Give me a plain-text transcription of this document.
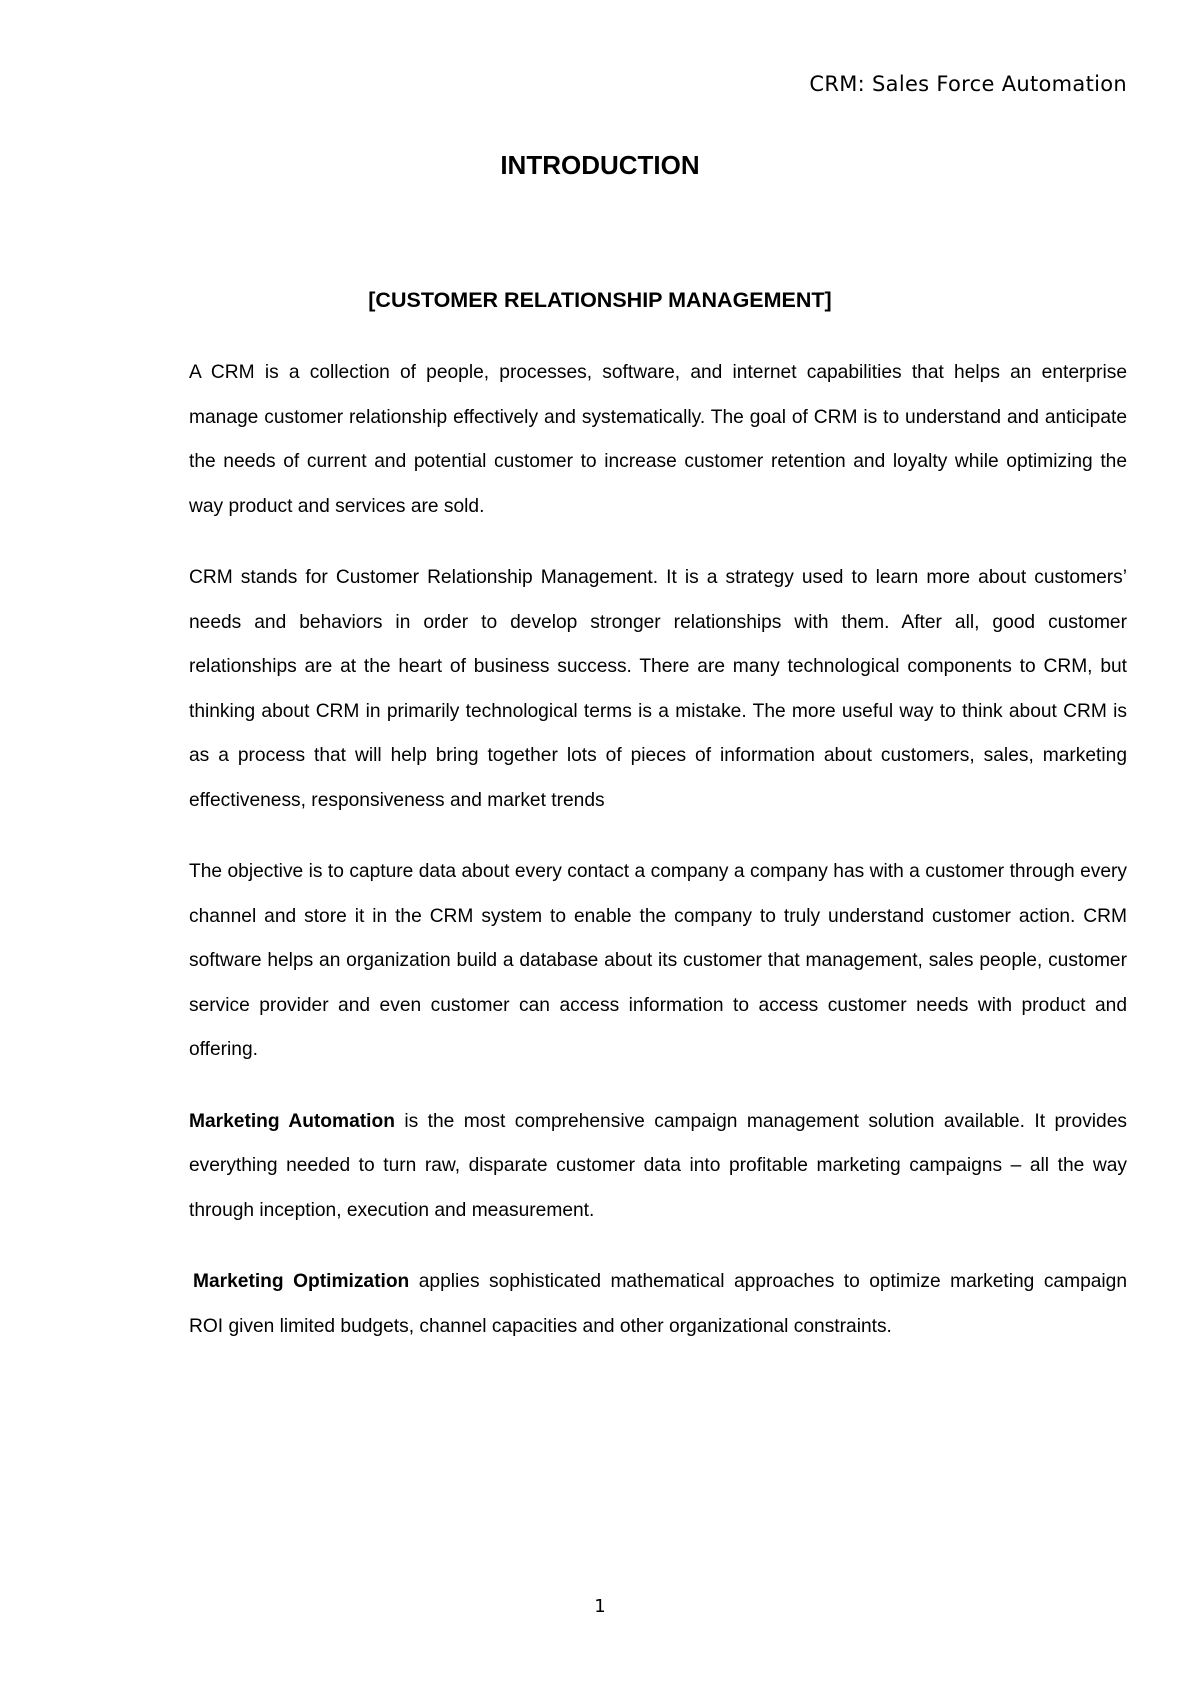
CRM: Sales Force Automation
INTRODUCTION
[CUSTOMER RELATIONSHIP MANAGEMENT]

A CRM is a collection of people, processes, software, and internet capabilities that helps an enterprise manage customer relationship effectively and systematically. The goal of CRM is to understand and anticipate the needs of current and potential customer to increase customer retention and loyalty while optimizing the way product and services are sold.

CRM stands for Customer Relationship Management. It is a strategy used to learn more about customers’ needs and behaviors in order to develop stronger relationships with them. After all, good customer relationships are at the heart of business success. There are many technological components to CRM, but thinking about CRM in primarily technological terms is a mistake. The more useful way to think about CRM is as a process that will help bring together lots of pieces of information about customers, sales, marketing effectiveness, responsiveness and market trends

The objective is to capture data about every contact a company a company has with a customer through every channel and store it in the CRM system to enable the company to truly understand customer action. CRM software helps an organization build a database about its customer that management, sales people, customer service provider and even customer can access information to access customer needs with product and offering.

Marketing Automation is the most comprehensive campaign management solution available. It provides everything needed to turn raw, disparate customer data into profitable marketing campaigns – all the way through inception, execution and measurement.

Marketing Optimization applies sophisticated mathematical approaches to optimize marketing campaign ROI given limited budgets, channel capacities and other organizational constraints.

1
